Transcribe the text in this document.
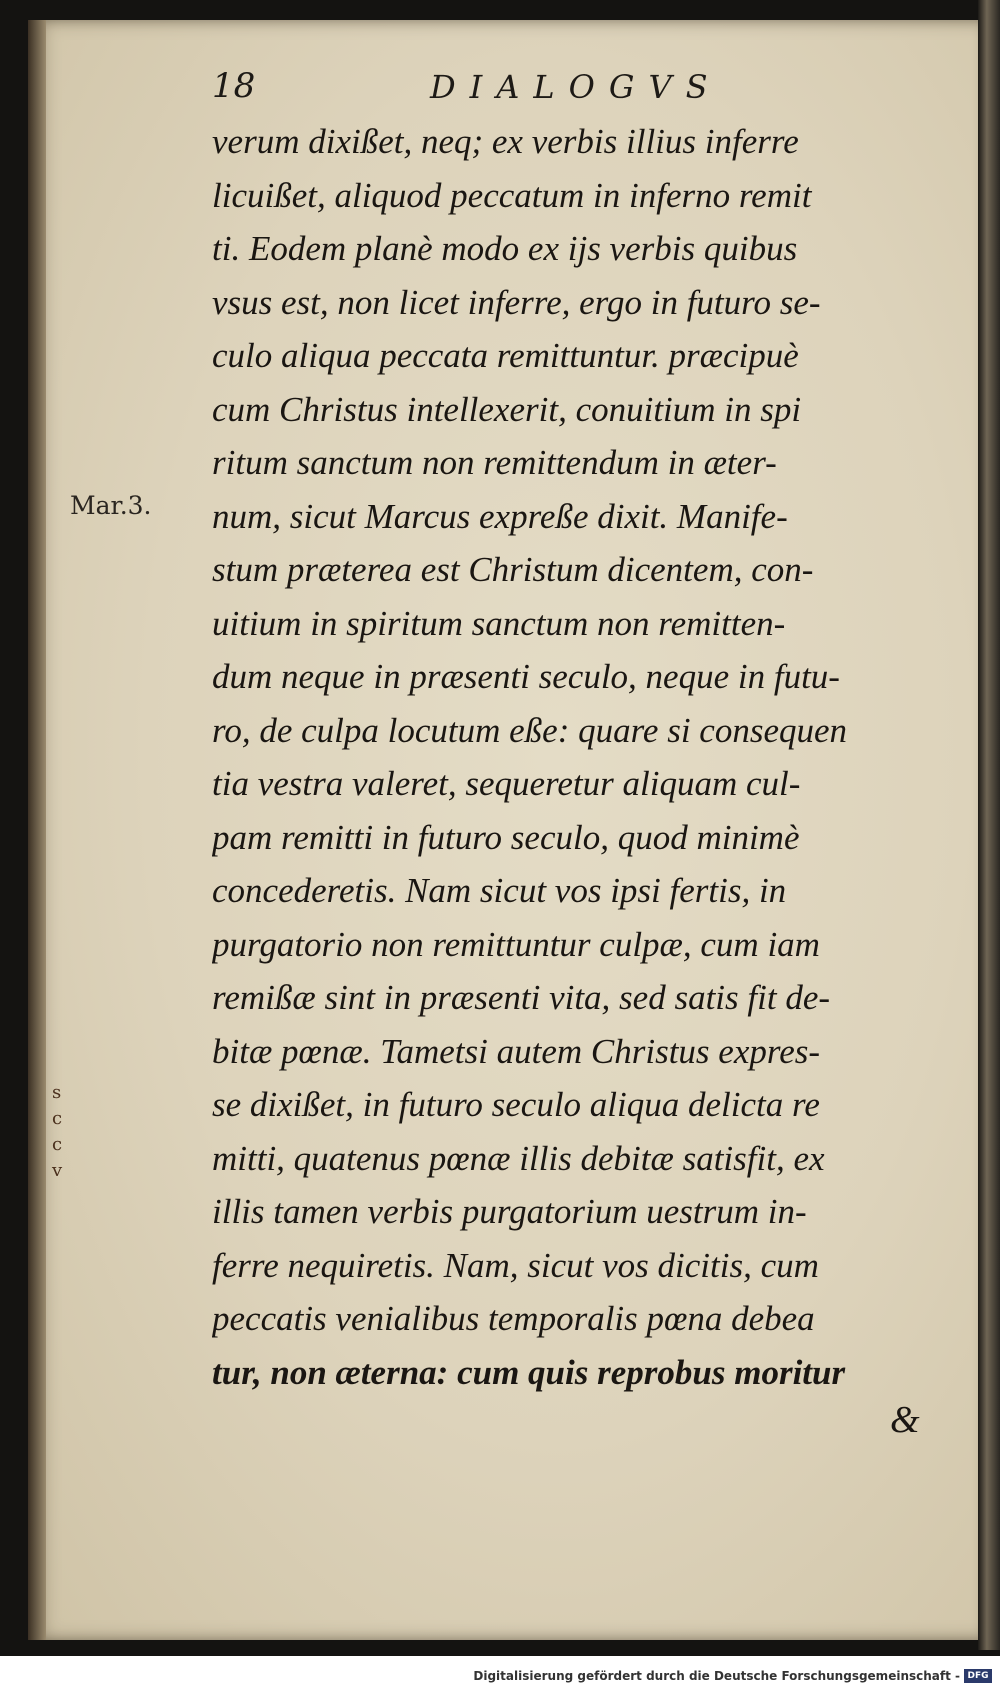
18	DIALOGVS
Mar.3.
s c c v
verum dixißet, neq; ex verbis illius inferre
licuißet, aliquod peccatum in inferno remit
ti. Eodem planè modo ex ijs verbis quibus
vsus est, non licet inferre, ergo in futuro se-
culo aliqua peccata remittuntur. præcipuè
cum Christus intellexerit, conuitium in spi
ritum sanctum non remittendum in æter-
num, sicut Marcus expreße dixit. Manife-
stum præterea est Christum dicentem, con-
uitium in spiritum sanctum non remitten-
dum neque in præsenti seculo, neque in futu-
ro, de culpa locutum eße: quare si consequen
tia vestra valeret, sequeretur aliquam cul-
pam remitti in futuro seculo, quod minimè
concederetis. Nam sicut vos ipsi fertis, in
purgatorio non remittuntur culpæ, cum iam
remißæ sint in præsenti vita, sed satis fit de-
bitæ pœnæ. Tametsi autem Christus expres-
se dixißet, in futuro seculo aliqua delicta re
mitti, quatenus pœnæ illis debitæ satisfit, ex
illis tamen verbis purgatorium uestrum in-
ferre nequiretis. Nam, sicut vos dicitis, cum
peccatis venialibus temporalis pœna debea
tur, non æterna: cum quis reprobus moritur
&
Digitalisierung gefördert durch die Deutsche Forschungsgemeinschaft - DFG
